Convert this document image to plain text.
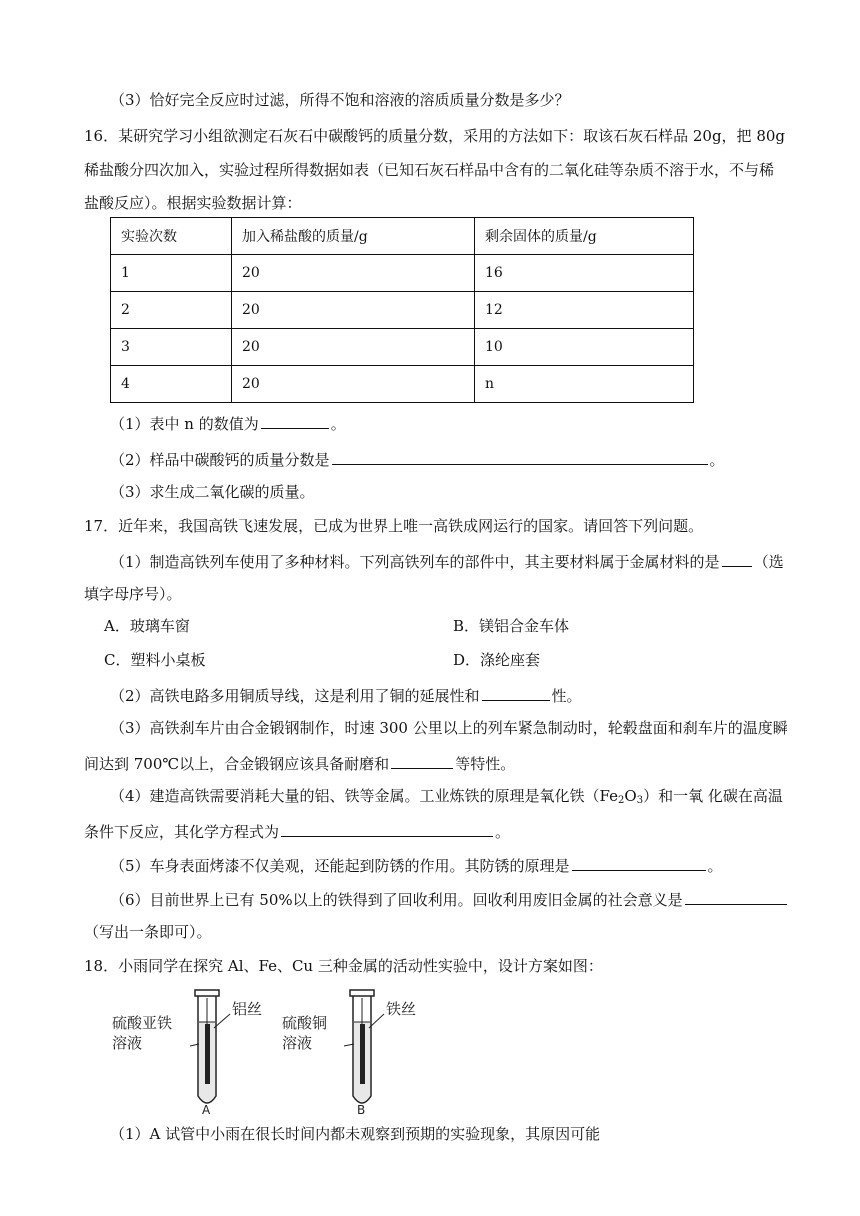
（3）恰好完全反应时过滤，所得不饱和溶液的溶质质量分数是多少？
16．某研究学习小组欲测定石灰石中碳酸钙的质量分数，采用的方法如下：取该石灰石样品 20g，把 80g
稀盐酸分四次加入，实验过程所得数据如表（已知石灰石样品中含有的二氧化硅等杂质不溶于水，不与稀
盐酸反应）。根据实验数据计算：
实验次数	加入稀盐酸的质量/g	剩余固体的质量/g
1	20	16
2	20	12
3	20	10
4	20	n
（1）表中 n 的数值为	。
（2）样品中碳酸钙的质量分数是	。
（3）求生成二氧化碳的质量。
17．近年来，我国高铁飞速发展，已成为世界上唯一高铁成网运行的国家。请回答下列问题。
（1）制造高铁列车使用了多种材料。下列高铁列车的部件中，其主要材料属于金属材料的是 （选
填字母序号）。
A．玻璃车窗	B．镁铝合金车体
C．塑料小桌板	D．涤纶座套
（2）高铁电路多用铜质导线，这是利用了铜的延展性和	性。
（3）高铁刹车片由合金锻钢制作，时速 300 公里以上的列车紧急制动时，轮毂盘面和刹车片的温度瞬
间达到 700℃以上，合金锻钢应该具备耐磨和	等特性。
（4）建造高铁需要消耗大量的铝、铁等金属。工业炼铁的原理是氧化铁$(Fe_2O_3)$和一氧 化碳在高温
条件下反应，其化学方程式为	。
（5）车身表面烤漆不仅美观，还能起到防锈的作用。其防锈的原理是	。
（6）目前世界上已有 50%以上的铁得到了回收利用。回收利用废旧金属的社会意义是
（写出一条即可）。
18．小雨同学在探究 Al、Fe、Cu 三种金属的活动性实验中，设计方案如图：
硫酸亚铁
溶液
铝丝
A
硫酸铜
溶液
铁丝
B
（1）A 试管中小雨在很长时间内都未观察到预期的实验现象，其原因可能
